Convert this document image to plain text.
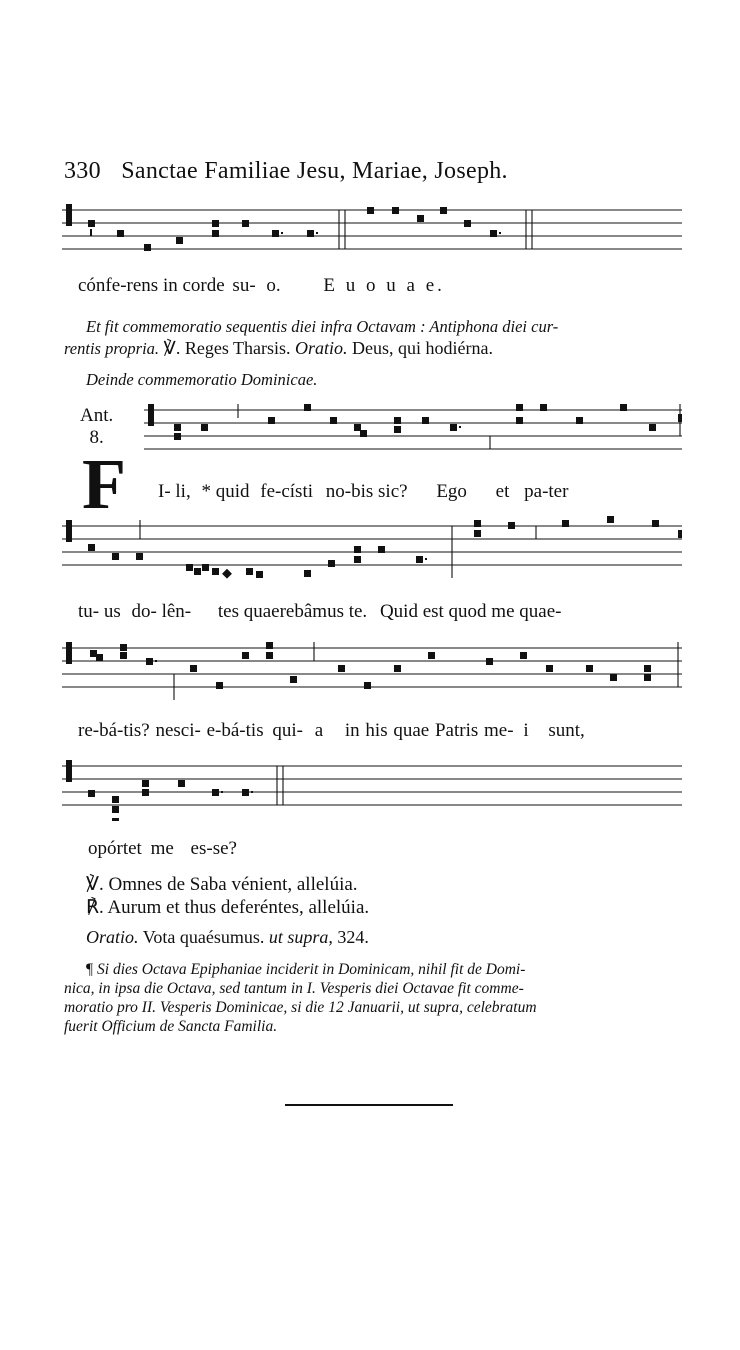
330 Sanctae Familiae Jesu, Mariae, Joseph.
cónfe-rens in corde su- o. E u o u a e.
Et fit commemoratio sequentis diei infra Octavam : Antiphona diei cur-
rentis propria. ℣. Reges Tharsis. Oratio. Deus, qui hodiérna.
Deinde commemoratio Dominicae.
Ant.
8.
F I- li, * quid fe-císti no-bis sic? Ego et pa-ter
tu- us do- lên- tes quaerebâmus te. Quid est quod me quae-
re-bá-tis? nesci- e-bá-tis qui- a in his quae Patris me- i sunt,
opórtet me es-se?
℣. Omnes de Saba vénient, allelúia.
℟. Aurum et thus deferéntes, allelúia.
Oratio. Vota quaésumus. ut supra, 324.
¶ Si dies Octava Epiphaniae inciderit in Dominicam, nihil fit de Domi-
nica, in ipsa die Octava, sed tantum in I. Vesperis diei Octavae fit comme-
moratio pro II. Vesperis Dominicae, si die 12 Januarii, ut supra, celebratum
fuerit Officium de Sancta Familia.
